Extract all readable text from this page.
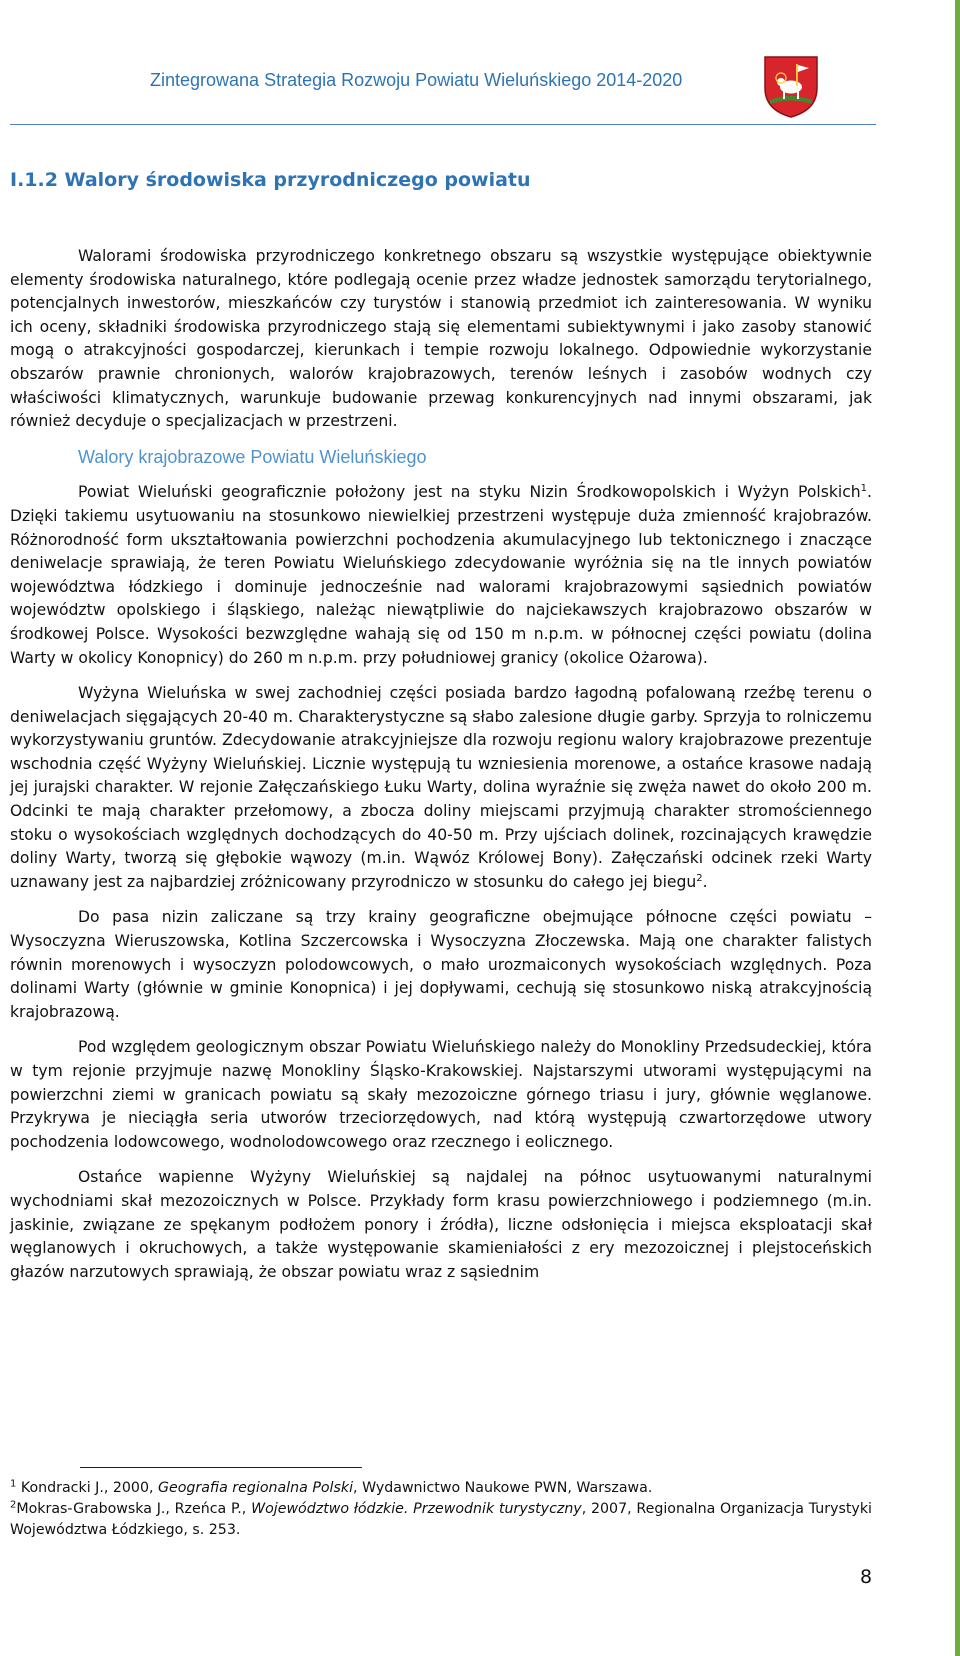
Zintegrowana Strategia Rozwoju Powiatu Wieluńskiego 2014-2020
I.1.2 Walory środowiska przyrodniczego powiatu

Walorami środowiska przyrodniczego konkretnego obszaru są wszystkie występujące obiektywnie elementy środowiska naturalnego, które podlegają ocenie przez władze jednostek samorządu terytorialnego, potencjalnych inwestorów, mieszkańców czy turystów i stanowią przedmiot ich zainteresowania. W wyniku ich oceny, składniki środowiska przyrodniczego stają się elementami subiektywnymi i jako zasoby stanowić mogą o atrakcyjności gospodarczej, kierunkach i tempie rozwoju lokalnego. Odpowiednie wykorzystanie obszarów prawnie chronionych, walorów krajobrazowych, terenów leśnych i zasobów wodnych czy właściwości klimatycznych, warunkuje budowanie przewag konkurencyjnych nad innymi obszarami, jak również decyduje o specjalizacjach w przestrzeni.

Walory krajobrazowe Powiatu Wieluńskiego

Powiat Wieluński geograficznie położony jest na styku Nizin Środkowopolskich i Wyżyn Polskich$^1$. Dzięki takiemu usytuowaniu na stosunkowo niewielkiej przestrzeni występuje duża zmienność krajobrazów. Różnorodność form ukształtowania powierzchni pochodzenia akumulacyjnego lub tektonicznego i znaczące deniwelacje sprawiają, że teren Powiatu Wieluńskiego zdecydowanie wyróżnia się na tle innych powiatów województwa łódzkiego i dominuje jednocześnie nad walorami krajobrazowymi sąsiednich powiatów województw opolskiego i śląskiego, należąc niewątpliwie do najciekawszych krajobrazowo obszarów w środkowej Polsce. Wysokości bezwzględne wahają się od 150 m n.p.m. w północnej części powiatu (dolina Warty w okolicy Konopnicy) do 260 m n.p.m. przy południowej granicy (okolice Ożarowa).

Wyżyna Wieluńska w swej zachodniej części posiada bardzo łagodną pofalowaną rzeźbę terenu o deniwelacjach sięgających 20-40 m. Charakterystyczne są słabo zalesione długie garby. Sprzyja to rolniczemu wykorzystywaniu gruntów. Zdecydowanie atrakcyjniejsze dla rozwoju regionu walory krajobrazowe prezentuje wschodnia część Wyżyny Wieluńskiej. Licznie występują tu wzniesienia morenowe, a ostańce krasowe nadają jej jurajski charakter. W rejonie Załęczańskiego Łuku Warty, dolina wyraźnie się zwęża nawet do około 200 m. Odcinki te mają charakter przełomowy, a zbocza doliny miejscami przyjmują charakter stromościennego stoku o wysokościach względnych dochodzących do 40-50 m. Przy ujściach dolinek, rozcinających krawędzie doliny Warty, tworzą się głębokie wąwozy (m.in. Wąwóz Królowej Bony). Załęczański odcinek rzeki Warty uznawany jest za najbardziej zróżnicowany przyrodniczo w stosunku do całego jej biegu$^2$.

Do pasa nizin zaliczane są trzy krainy geograficzne obejmujące północne części powiatu – Wysoczyzna Wieruszowska, Kotlina Szczercowska i Wysoczyzna Złoczewska. Mają one charakter falistych równin morenowych i wysoczyzn polodowcowych, o mało urozmaiconych wysokościach względnych. Poza dolinami Warty (głównie w gminie Konopnica) i jej dopływami, cechują się stosunkowo niską atrakcyjnością krajobrazową.

Pod względem geologicznym obszar Powiatu Wieluńskiego należy do Monokliny Przedsudeckiej, która w tym rejonie przyjmuje nazwę Monokliny Śląsko-Krakowskiej. Najstarszymi utworami występującymi na powierzchni ziemi w granicach powiatu są skały mezozoiczne górnego triasu i jury, głównie węglanowe. Przykrywa je nieciągła seria utworów trzeciorzędowych, nad którą występują czwartorzędowe utwory pochodzenia lodowcowego, wodnolodowcowego oraz rzecznego i eolicznego.

Ostańce wapienne Wyżyny Wieluńskiej są najdalej na północ usytuowanymi naturalnymi wychodniami skał mezozoicznych w Polsce. Przykłady form krasu powierzchniowego i podziemnego (m.in. jaskinie, związane ze spękanym podłożem ponory i źródła), liczne odsłonięcia i miejsca eksploatacji skał węglanowych i okruchowych, a także występowanie skamieniałości z ery mezozoicznej i plejstoceńskich głazów narzutowych sprawiają, że obszar powiatu wraz z sąsiednim

$^1$ Kondracki J., 2000, Geografia regionalna Polski, Wydawnictwo Naukowe PWN, Warszawa.

$^2$Mokras-Grabowska J., Rzeńca P., Województwo łódzkie. Przewodnik turystyczny, 2007, Regionalna Organizacja Turystyki Województwa Łódzkiego, s. 253.

8
